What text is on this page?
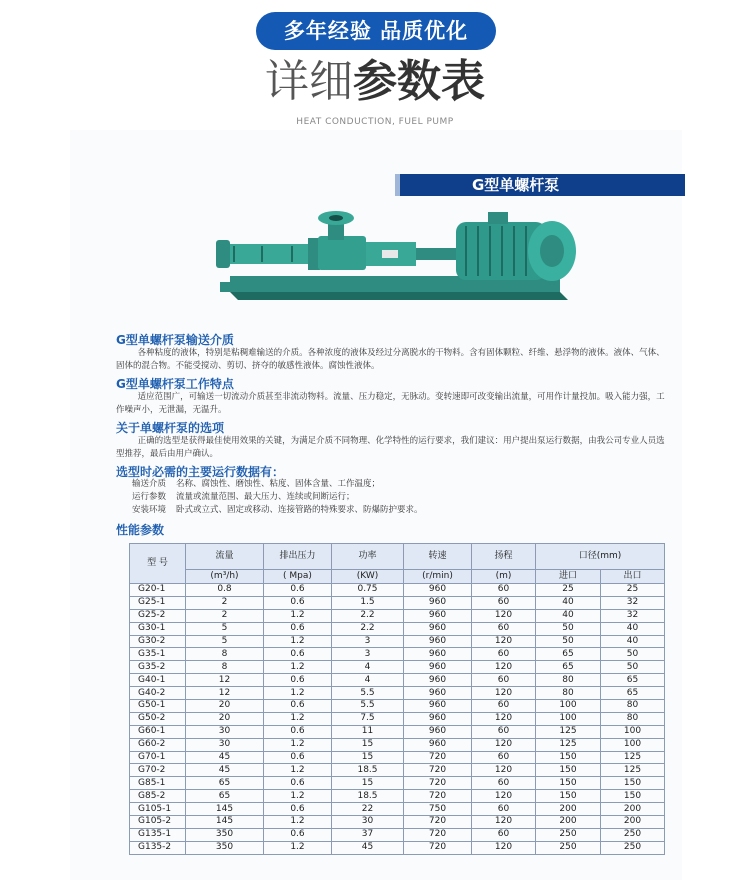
多年经验 品质优化
详细参数表
HEAT CONDUCTION, FUEL PUMP
G型单螺杆泵
G型单螺杆泵输送介质
各种粘度的液体，特别是粘稠难输送的介质。各种浓度的液体及经过分离脱水的干物料。含有固体颗粒、纤维、悬浮物的液体。液体、气体、固体的混合物。不能受搅动、剪切、挤夺的敏感性液体。腐蚀性液体。
G型单螺杆泵工作特点
适应范围广，可输送一切流动介质甚至非流动物料。流量、压力稳定，无脉动。变转速即可改变输出流量，可用作计量投加。吸入能力强，工作噪声小，无泄漏，无温升。
关于单螺杆泵的选项
正确的选型是获得最佳使用效果的关键，为满足介质不同物理、化学特性的运行要求，我们建议：用户提出泵运行数据，由我公司专业人员选型推荐，最后由用户确认。
选型时必需的主要运行数据有：
输送介质 名称、腐蚀性、磨蚀性、粘度、固体含量、工作温度；
运行参数 流量或流量范围、最大压力、连续或间断运行；
安装环境 卧式或立式、固定或移动、连接管路的特殊要求、防爆防护要求。
性能参数
型 号	流量	排出压力	功率	转速	扬程	口径(mm)	
	(m³/h)	( Mpa)	(KW)	(r/min)	(m)	进口	出口
G20-1	0.8	0.6	0.75	960	60	25	25
G25-1	2	0.6	1.5	960	60	40	32
G25-2	2	1.2	2.2	960	120	40	32
G30-1	5	0.6	2.2	960	60	50	40
G30-2	5	1.2	3	960	120	50	40
G35-1	8	0.6	3	960	60	65	50
G35-2	8	1.2	4	960	120	65	50
G40-1	12	0.6	4	960	60	80	65
G40-2	12	1.2	5.5	960	120	80	65
G50-1	20	0.6	5.5	960	60	100	80
G50-2	20	1.2	7.5	960	120	100	80
G60-1	30	0.6	11	960	60	125	100
G60-2	30	1.2	15	960	120	125	100
G70-1	45	0.6	15	720	60	150	125
G70-2	45	1.2	18.5	720	120	150	125
G85-1	65	0.6	15	720	60	150	150
G85-2	65	1.2	18.5	720	120	150	150
G105-1	145	0.6	22	750	60	200	200
G105-2	145	1.2	30	720	120	200	200
G135-1	350	0.6	37	720	60	250	250
G135-2	350	1.2	45	720	120	250	250
